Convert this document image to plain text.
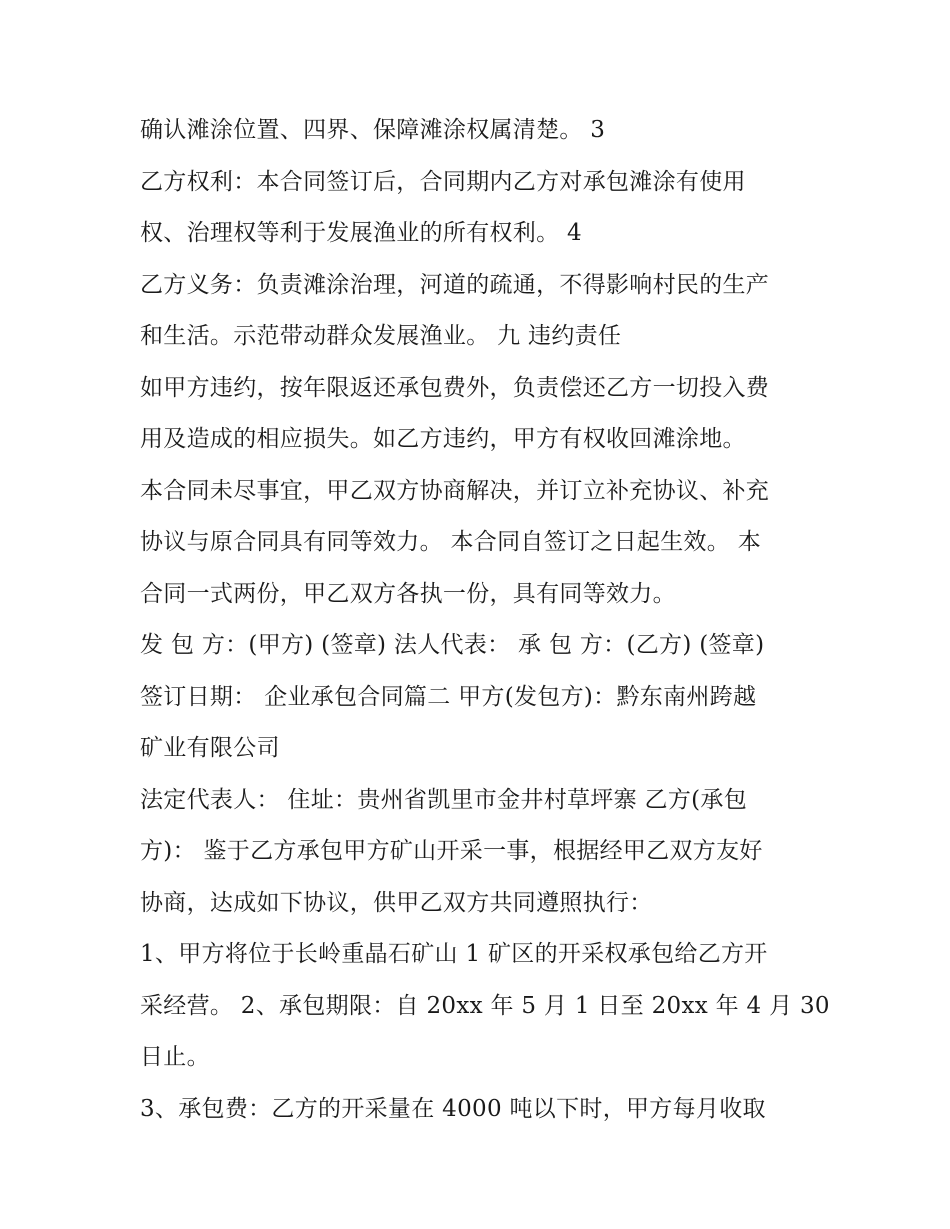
确认滩涂位置、四界、保障滩涂权属清楚。 3
乙方权利：本合同签订后，合同期内乙方对承包滩涂有使用
权、治理权等利于发展渔业的所有权利。 4
乙方义务：负责滩涂治理，河道的疏通，不得影响村民的生产
和生活。示范带动群众发展渔业。 九 违约责任
如甲方违约，按年限返还承包费外，负责偿还乙方一切投入费
用及造成的相应损失。如乙方违约，甲方有权收回滩涂地。
本合同未尽事宜，甲乙双方协商解决，并订立补充协议、补充
协议与原合同具有同等效力。 本合同自签订之日起生效。 本
合同一式两份，甲乙双方各执一份，具有同等效力。
发 包 方：(甲方) (签章) 法人代表： 承 包 方：(乙方) (签章)
签订日期： 企业承包合同篇二 甲方(发包方)：黔东南州跨越
矿业有限公司
法定代表人： 住址：贵州省凯里市金井村草坪寨 乙方(承包
方)： 鉴于乙方承包甲方矿山开采一事，根据经甲乙双方友好
协商，达成如下协议，供甲乙双方共同遵照执行：
1、甲方将位于长岭重晶石矿山 1 矿区的开采权承包给乙方开
采经营。 2、承包期限：自 20xx 年 5 月 1 日至 20xx 年 4 月 30
日止。
3、承包费：乙方的开采量在 4000 吨以下时，甲方每月收取
